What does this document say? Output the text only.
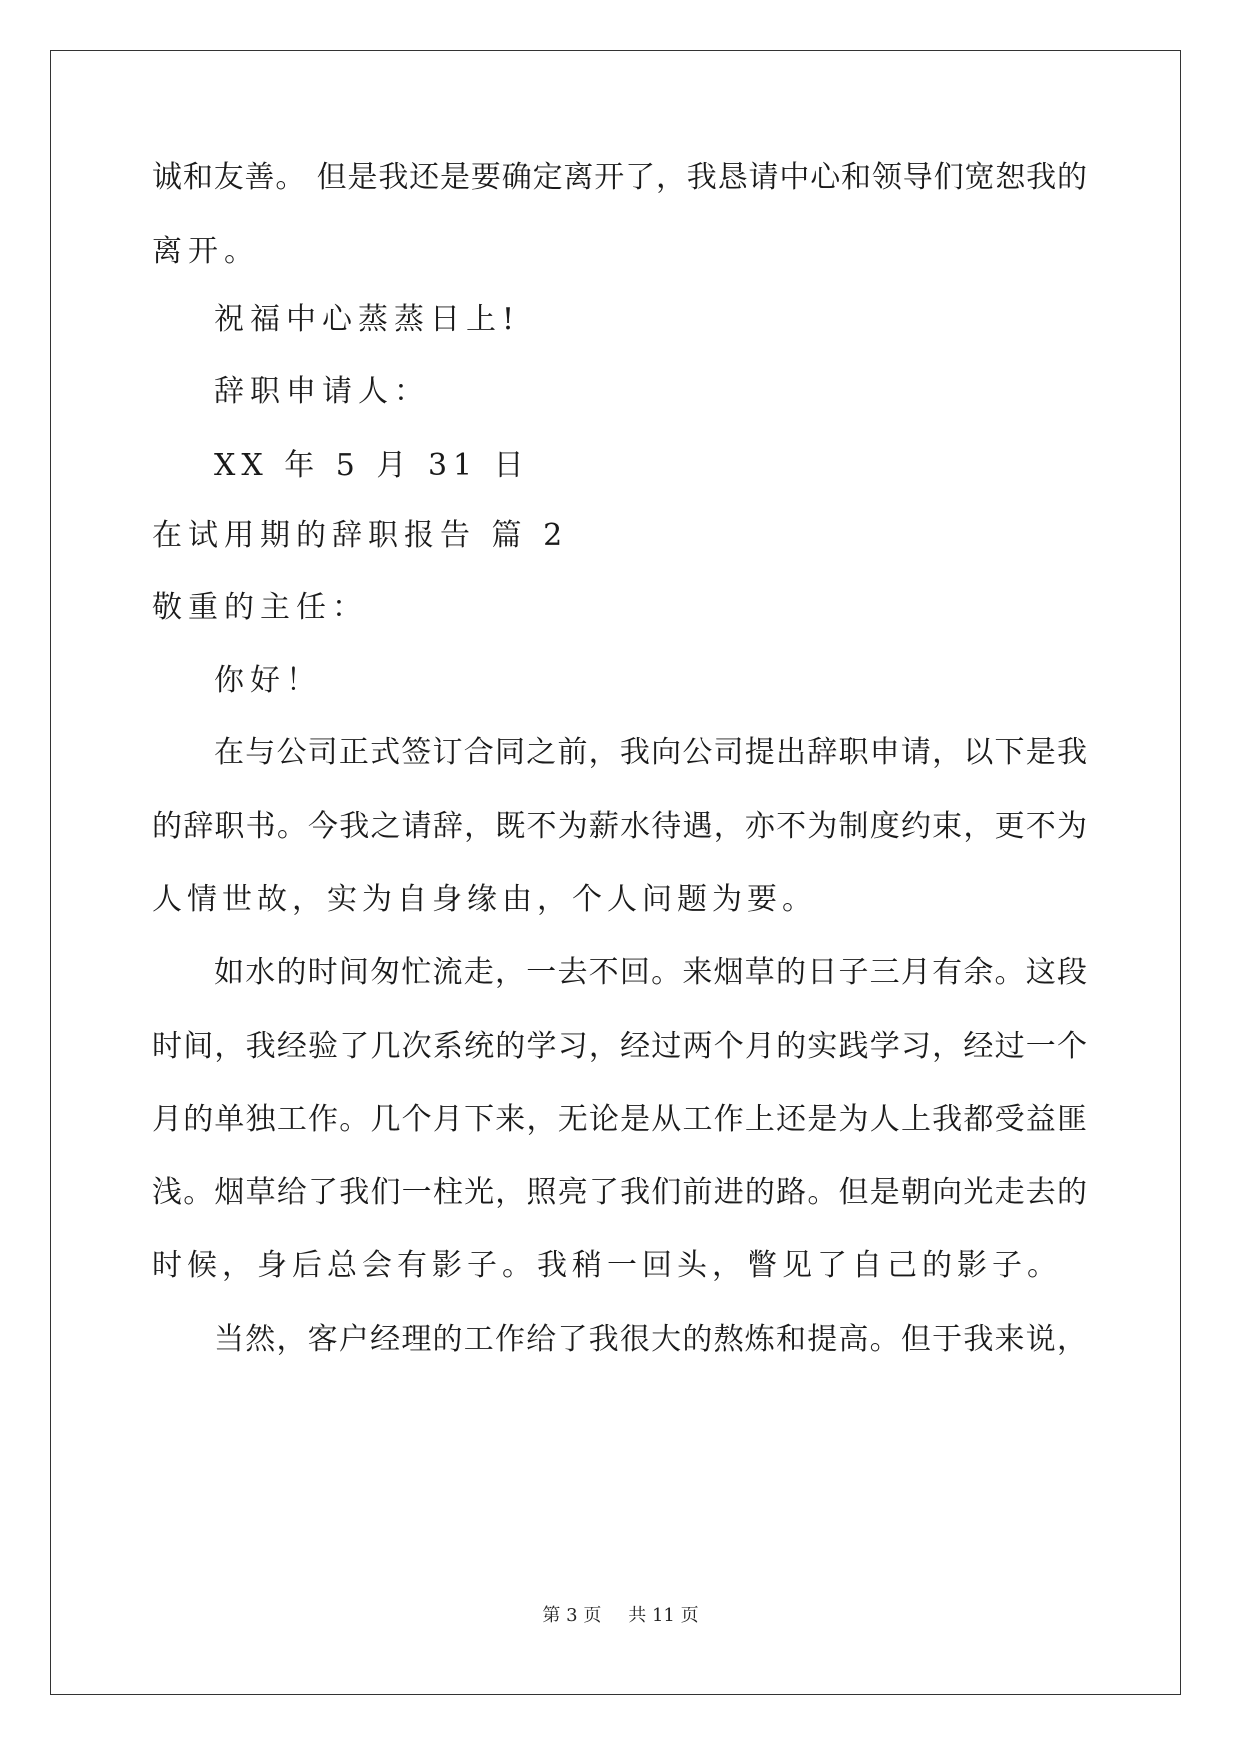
诚和友善。 但是我还是要确定离开了，我恳请中心和领导们宽恕我的
离开。
祝福中心蒸蒸日上!
辞职申请人：
XX 年 5 月 31 日
在试用期的辞职报告 篇 2
敬重的主任：
你好！
在与公司正式签订合同之前，我向公司提出辞职申请，以下是我
的辞职书。今我之请辞，既不为薪水待遇，亦不为制度约束，更不为
人情世故，实为自身缘由，个人问题为要。
如水的时间匆忙流走，一去不回。来烟草的日子三月有余。这段
时间，我经验了几次系统的学习，经过两个月的实践学习，经过一个
月的单独工作。几个月下来，无论是从工作上还是为人上我都受益匪
浅。烟草给了我们一柱光，照亮了我们前进的路。但是朝向光走去的
时候，身后总会有影子。我稍一回头，瞥见了自己的影子。
当然，客户经理的工作给了我很大的熬炼和提高。但于我来说，
第 3 页 共 11 页
